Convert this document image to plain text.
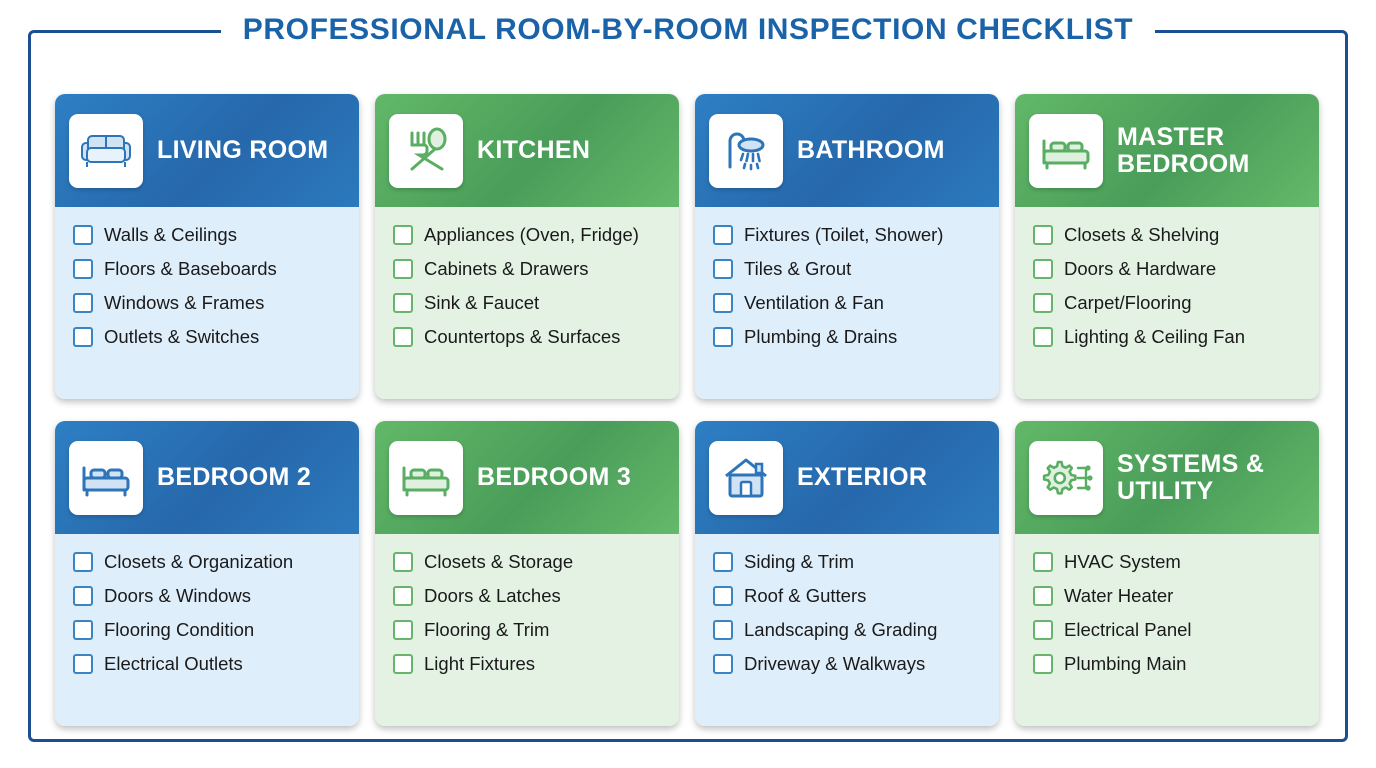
PROFESSIONAL ROOM-BY-ROOM INSPECTION CHECKLIST
LIVING ROOM
Walls & Ceilings
Floors & Baseboards
Windows & Frames
Outlets & Switches
KITCHEN
Appliances (Oven, Fridge)
Cabinets & Drawers
Sink & Faucet
Countertops & Surfaces
BATHROOM
Fixtures (Toilet, Shower)
Tiles & Grout
Ventilation & Fan
Plumbing & Drains
MASTER BEDROOM
Closets & Shelving
Doors & Hardware
Carpet/Flooring
Lighting & Ceiling Fan
BEDROOM 2
Closets & Organization
Doors & Windows
Flooring Condition
Electrical Outlets
BEDROOM 3
Closets & Storage
Doors & Latches
Flooring & Trim
Light Fixtures
EXTERIOR
Siding & Trim
Roof & Gutters
Landscaping & Grading
Driveway & Walkways
SYSTEMS & UTILITY
HVAC System
Water Heater
Electrical Panel
Plumbing Main
